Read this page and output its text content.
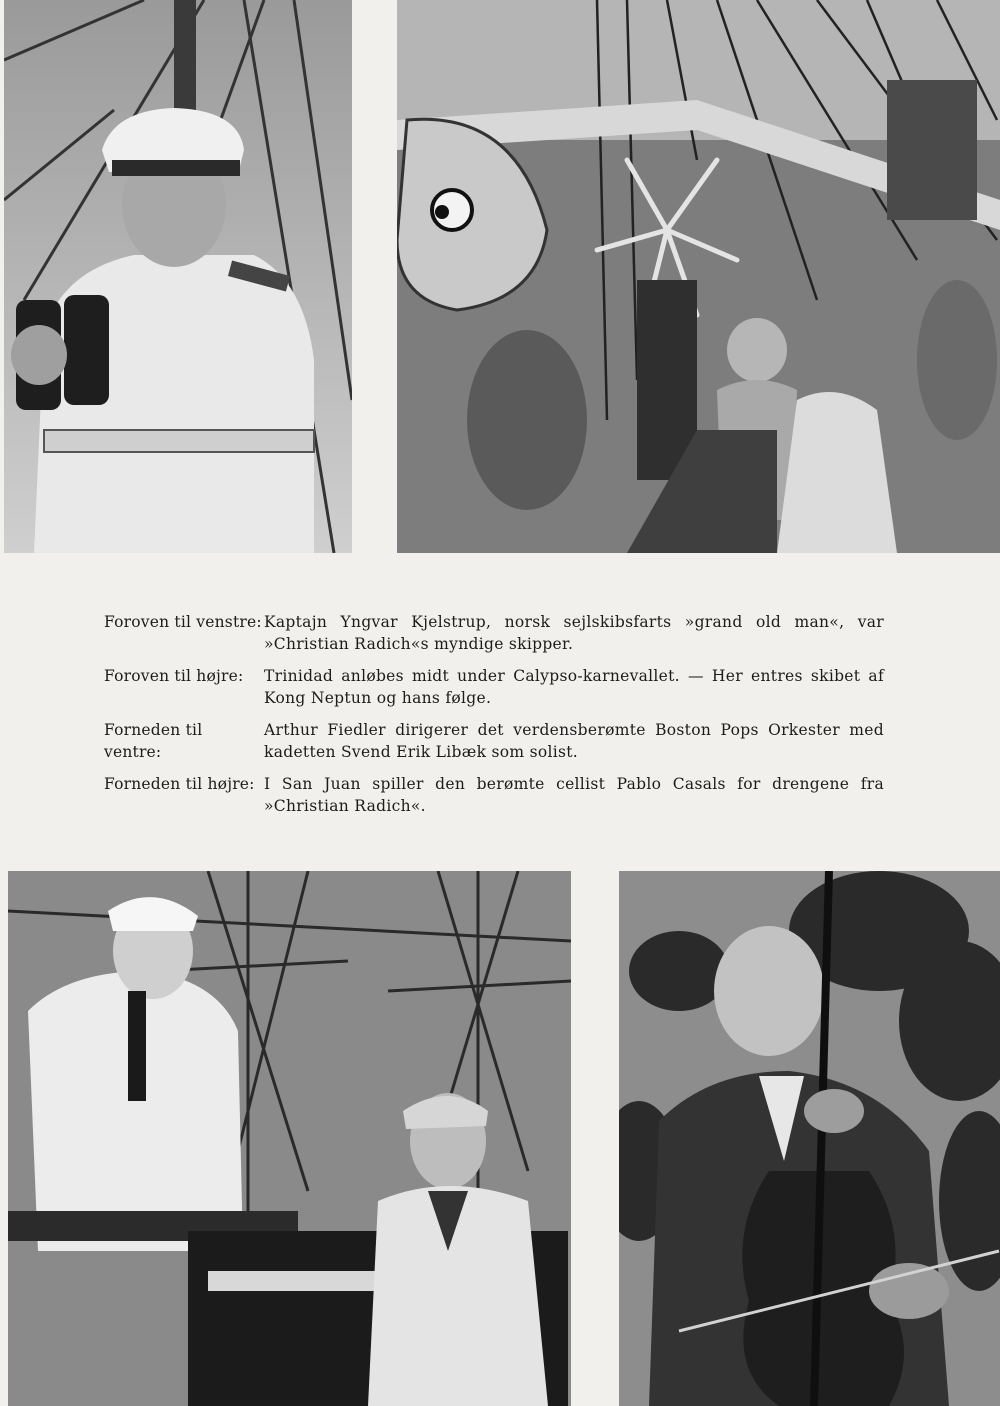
Foroven til venstre: Kaptajn Yngvar Kjelstrup, norsk sejlskibsfarts »grand old man«, var »Christian Radich«s myndige skipper.
Foroven til højre:	Trinidad anløbes midt under Calypso-karnevallet. — Her entres skibet af Kong Neptun og hans følge.
Forneden til ventre:
Arthur Fiedler dirigerer det verdensberømte Boston Pops Orkester med kadetten Svend Erik Libæk som solist.
Forneden til højre: I San Juan spiller den berømte cellist Pablo Casals for drengene fra »Christian Radich«.
